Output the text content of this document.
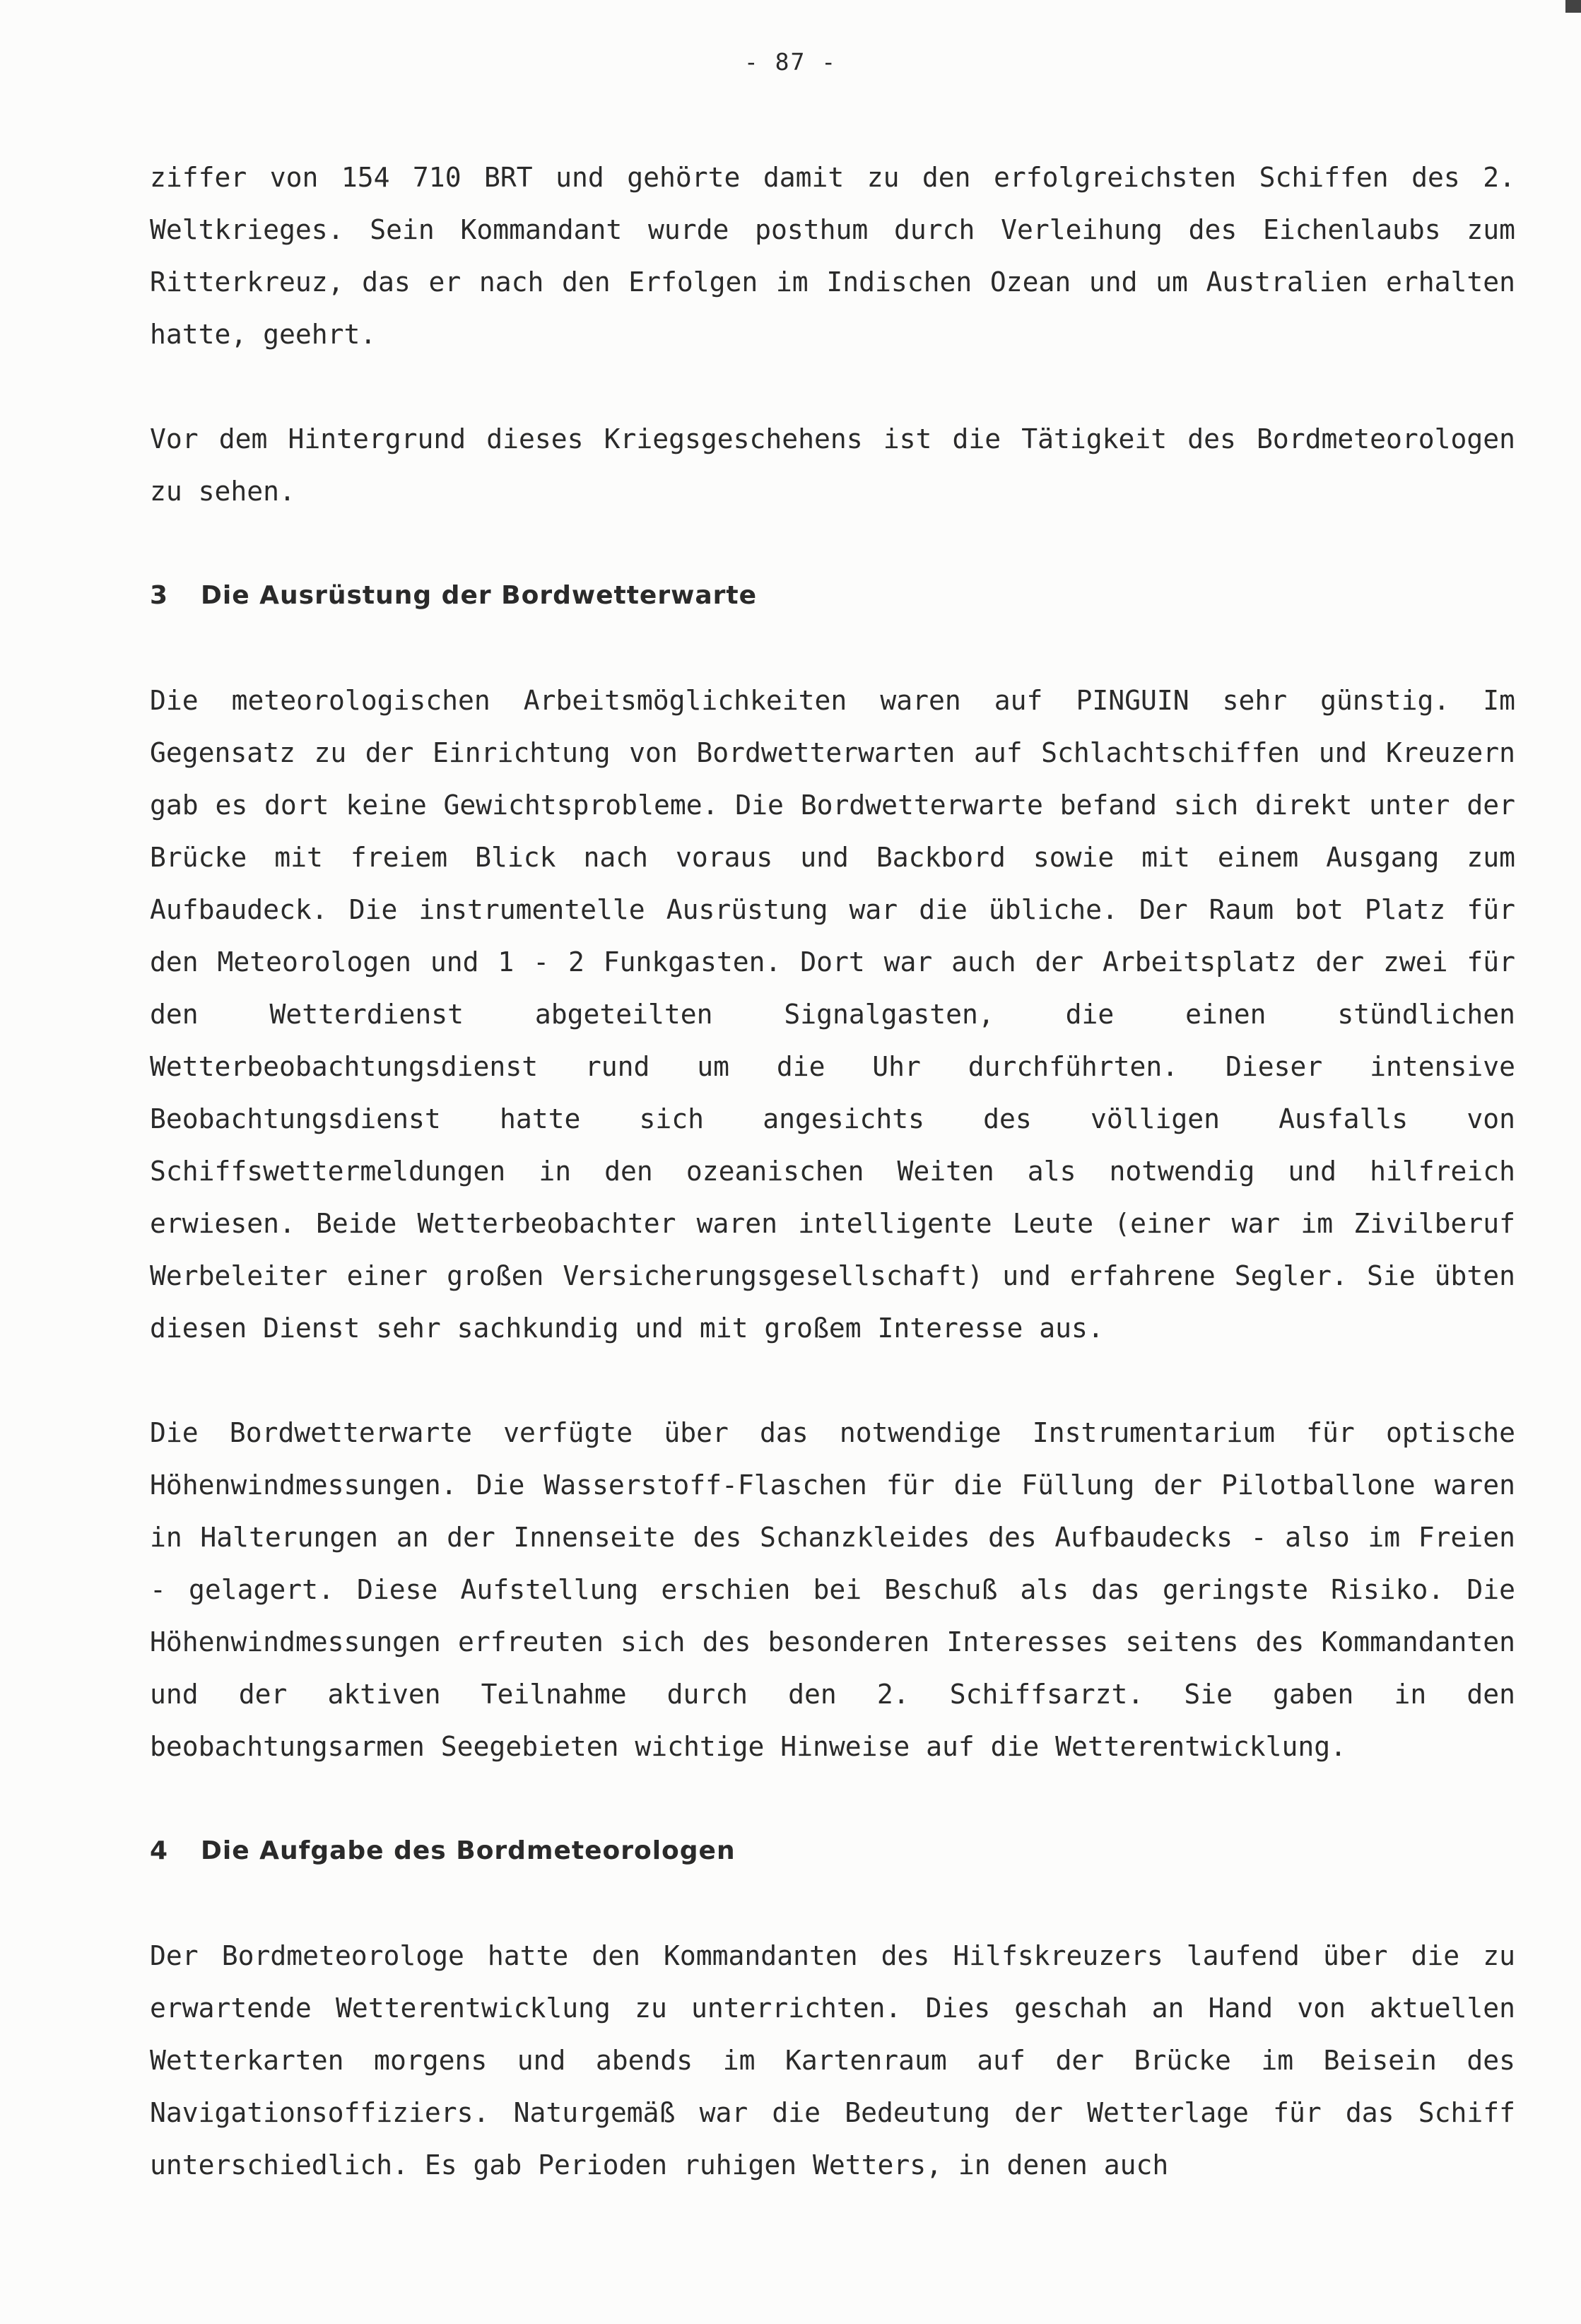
- 87 -

ziffer von 154 710 BRT und gehörte damit zu den erfolgreichsten Schiffen des 2. Weltkrieges. Sein Kommandant wurde posthum durch Verleihung des Eichenlaubs zum Ritterkreuz, das er nach den Erfolgen im Indischen Ozean und um Australien erhalten hatte, geehrt.

Vor dem Hintergrund dieses Kriegsgeschehens ist die Tätigkeit des Bordmeteorologen zu sehen.

3 Die Ausrüstung der Bordwetterwarte

Die meteorologischen Arbeitsmöglichkeiten waren auf PINGUIN sehr günstig. Im Gegensatz zu der Einrichtung von Bordwetterwarten auf Schlachtschiffen und Kreuzern gab es dort keine Gewichtsprobleme. Die Bordwetterwarte befand sich direkt unter der Brücke mit freiem Blick nach voraus und Backbord sowie mit einem Ausgang zum Aufbaudeck. Die instrumentelle Ausrüstung war die übliche. Der Raum bot Platz für den Meteorologen und 1 - 2 Funkgasten. Dort war auch der Arbeitsplatz der zwei für den Wetterdienst abgeteilten Signalgasten, die einen stündlichen Wetterbeobachtungsdienst rund um die Uhr durchführten. Dieser intensive Beobachtungsdienst hatte sich angesichts des völligen Ausfalls von Schiffswettermeldungen in den ozeanischen Weiten als notwendig und hilfreich erwiesen. Beide Wetterbeobachter waren intelligente Leute (einer war im Zivilberuf Werbeleiter einer großen Versicherungsgesellschaft) und erfahrene Segler. Sie übten diesen Dienst sehr sachkundig und mit großem Interesse aus.

Die Bordwetterwarte verfügte über das notwendige Instrumentarium für optische Höhenwindmessungen. Die Wasserstoff-Flaschen für die Füllung der Pilotballone waren in Halterungen an der Innenseite des Schanzkleides des Aufbaudecks - also im Freien - gelagert. Diese Aufstellung erschien bei Beschuß als das geringste Risiko. Die Höhenwindmessungen erfreuten sich des besonderen Interesses seitens des Kommandanten und der aktiven Teilnahme durch den 2. Schiffsarzt. Sie gaben in den beobachtungsarmen Seegebieten wichtige Hinweise auf die Wetterentwicklung.

4 Die Aufgabe des Bordmeteorologen

Der Bordmeteorologe hatte den Kommandanten des Hilfskreuzers laufend über die zu erwartende Wetterentwicklung zu unterrichten. Dies geschah an Hand von aktuellen Wetterkarten morgens und abends im Kartenraum auf der Brücke im Beisein des Navigationsoffiziers. Naturgemäß war die Bedeutung der Wetterlage für das Schiff unterschiedlich. Es gab Perioden ruhigen Wetters, in denen auch
